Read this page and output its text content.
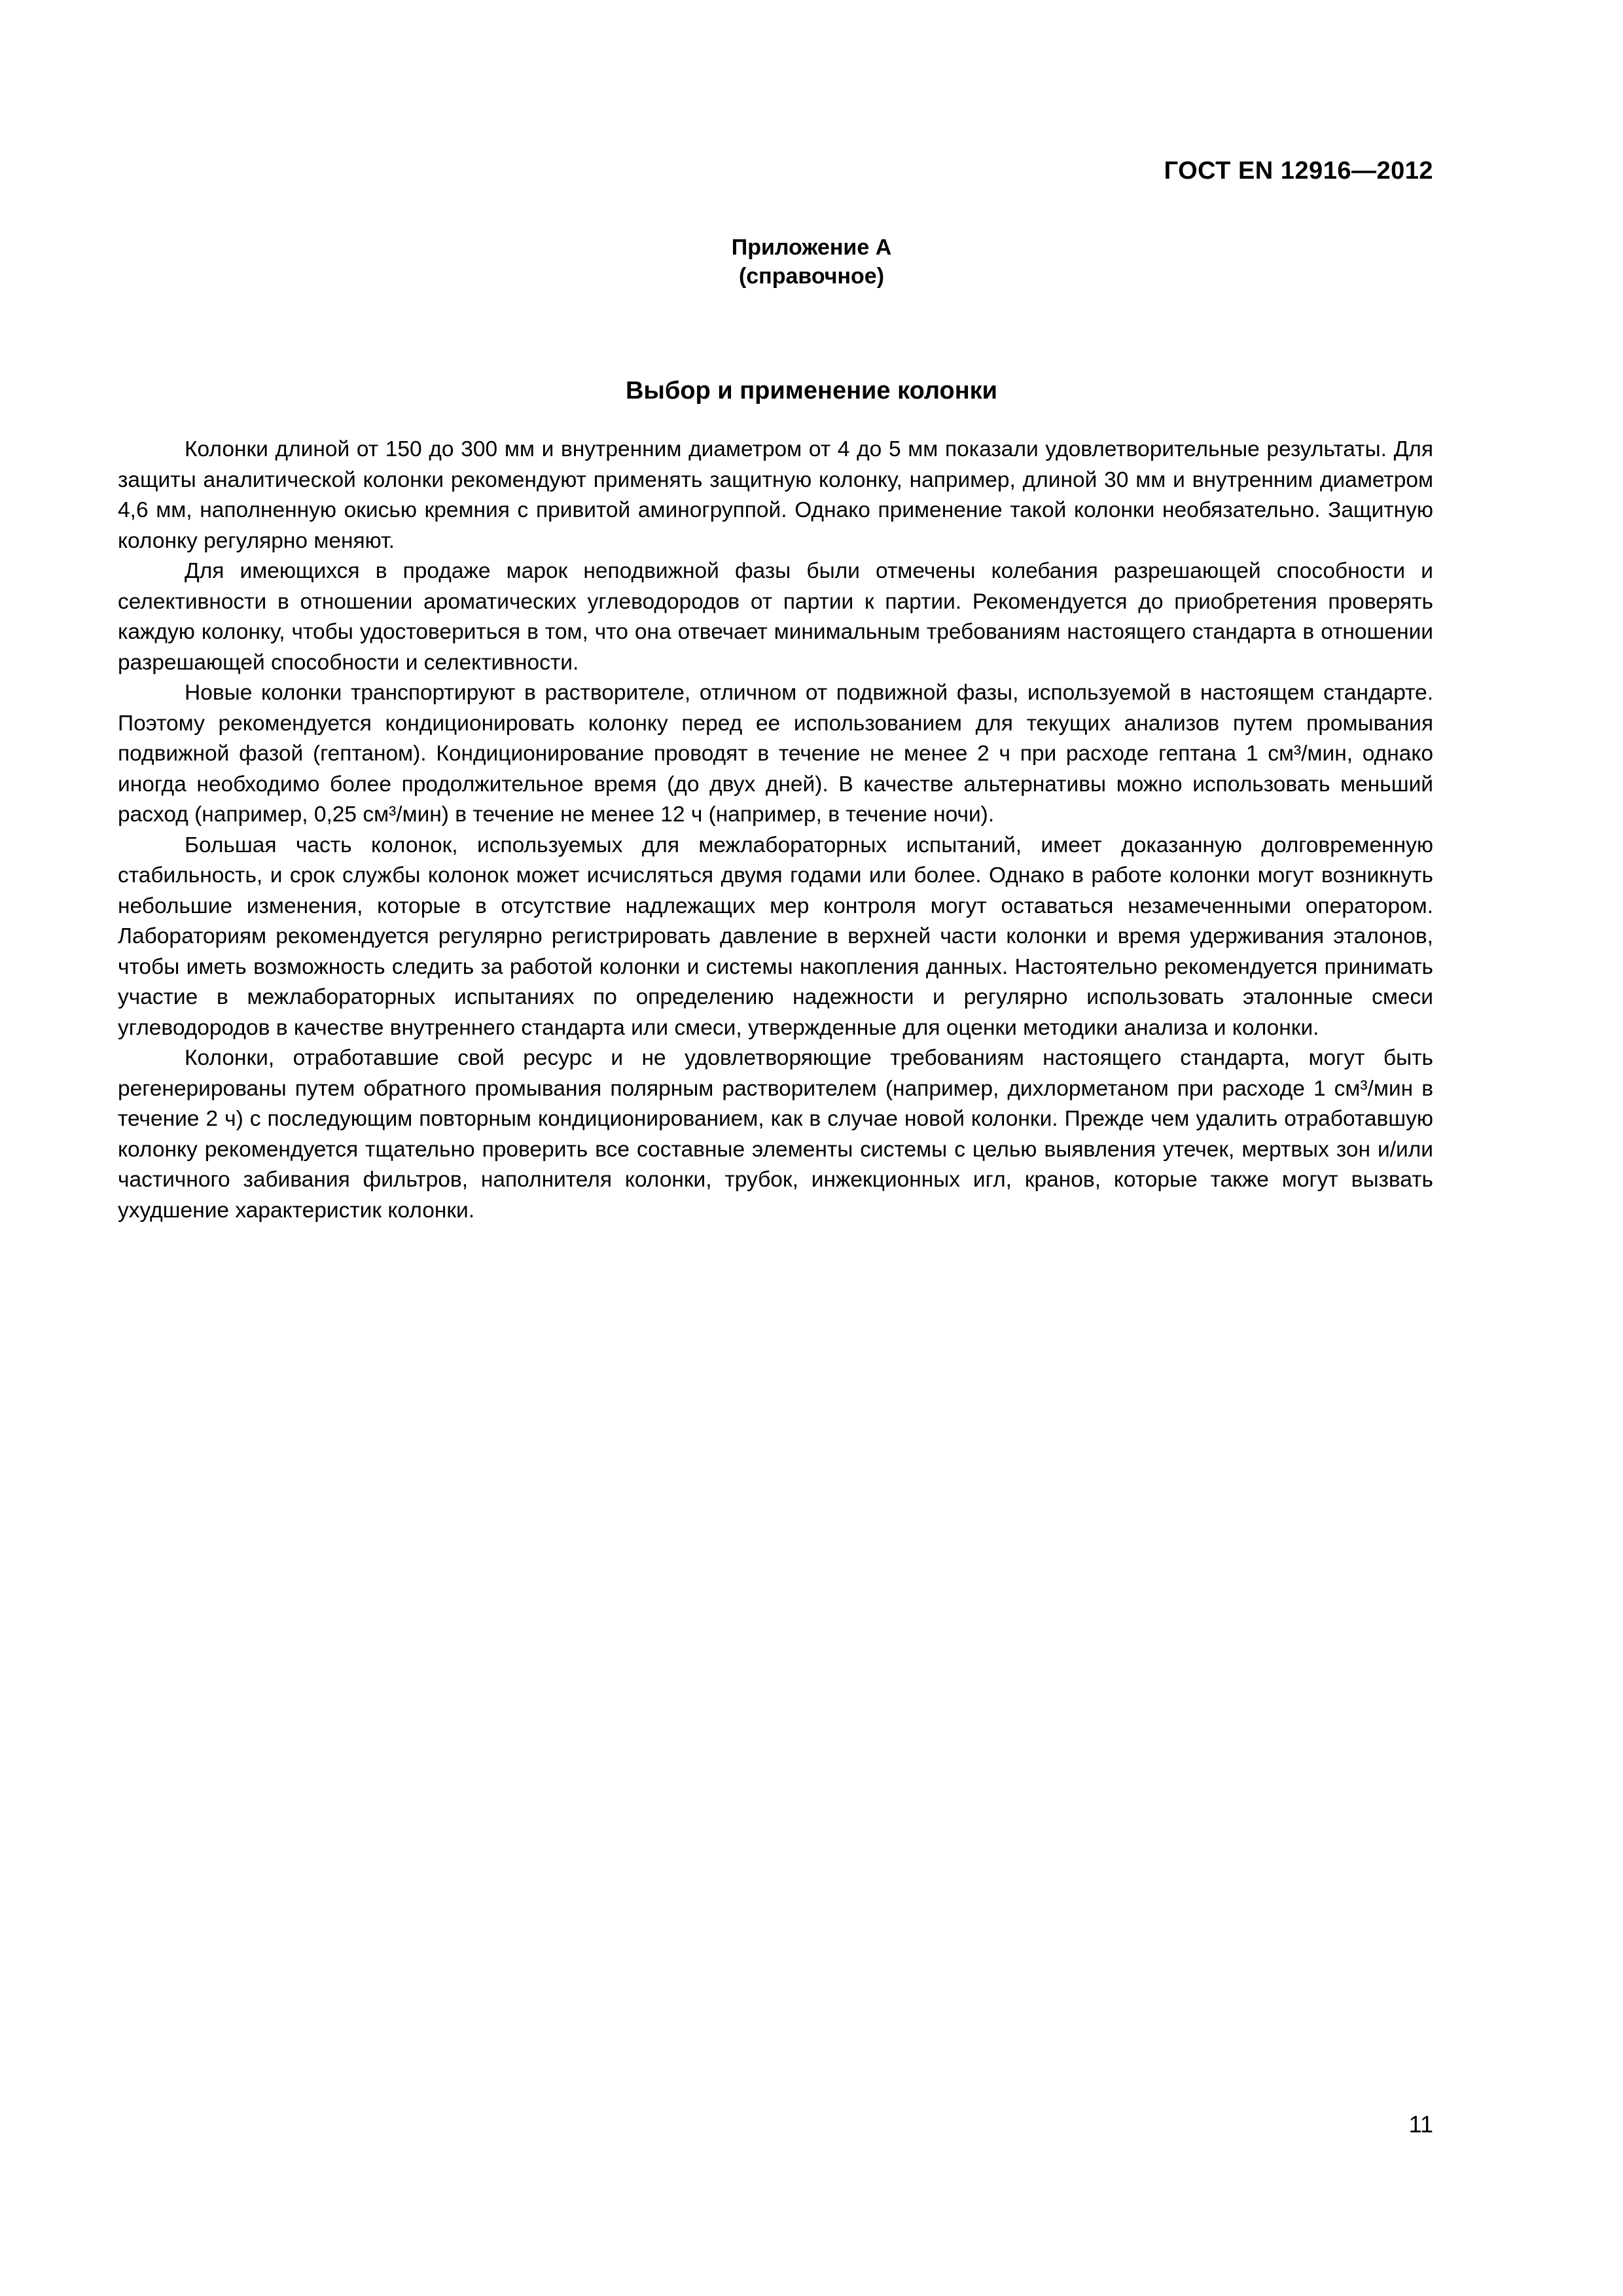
ГОСТ EN 12916—2012
Приложение А
(справочное)
Выбор и применение колонки

Колонки длиной от 150 до 300 мм и внутренним диаметром от 4 до 5 мм показали удовлетворительные результаты. Для защиты аналитической колонки рекомендуют применять защитную колонку, например, длиной 30 мм и внутренним диаметром 4,6 мм, наполненную окисью кремния с привитой аминогруппой. Однако применение такой колонки необязательно. Защитную колонку регулярно меняют.

Для имеющихся в продаже марок неподвижной фазы были отмечены колебания разрешающей способности и селективности в отношении ароматических углеводородов от партии к партии. Рекомендуется до приобретения проверять каждую колонку, чтобы удостовериться в том, что она отвечает минимальным требованиям настоящего стандарта в отношении разрешающей способности и селективности.

Новые колонки транспортируют в растворителе, отличном от подвижной фазы, используемой в настоящем стандарте. Поэтому рекомендуется кондиционировать колонку перед ее использованием для текущих анализов путем промывания подвижной фазой (гептаном). Кондиционирование проводят в течение не менее 2 ч при расходе гептана 1 см³/мин, однако иногда необходимо более продолжительное время (до двух дней). В качестве альтернативы можно использовать меньший расход (например, 0,25 см³/мин) в течение не менее 12 ч (например, в течение ночи).

Большая часть колонок, используемых для межлабораторных испытаний, имеет доказанную долговременную стабильность, и срок службы колонок может исчисляться двумя годами или более. Однако в работе колонки могут возникнуть небольшие изменения, которые в отсутствие надлежащих мер контроля могут оставаться незамеченными оператором. Лабораториям рекомендуется регулярно регистрировать давление в верхней части колонки и время удерживания эталонов, чтобы иметь возможность следить за работой колонки и системы накопления данных. Настоятельно рекомендуется принимать участие в межлабораторных испытаниях по определению надежности и регулярно использовать эталонные смеси углеводородов в качестве внутреннего стандарта или смеси, утвержденные для оценки методики анализа и колонки.

Колонки, отработавшие свой ресурс и не удовлетворяющие требованиям настоящего стандарта, могут быть регенерированы путем обратного промывания полярным растворителем (например, дихлорметаном при расходе 1 см³/мин в течение 2 ч) с последующим повторным кондиционированием, как в случае новой колонки. Прежде чем удалить отработавшую колонку рекомендуется тщательно проверить все составные элементы системы с целью выявления утечек, мертвых зон и/или частичного забивания фильтров, наполнителя колонки, трубок, инжекционных игл, кранов, которые также могут вызвать ухудшение характеристик колонки.

11
